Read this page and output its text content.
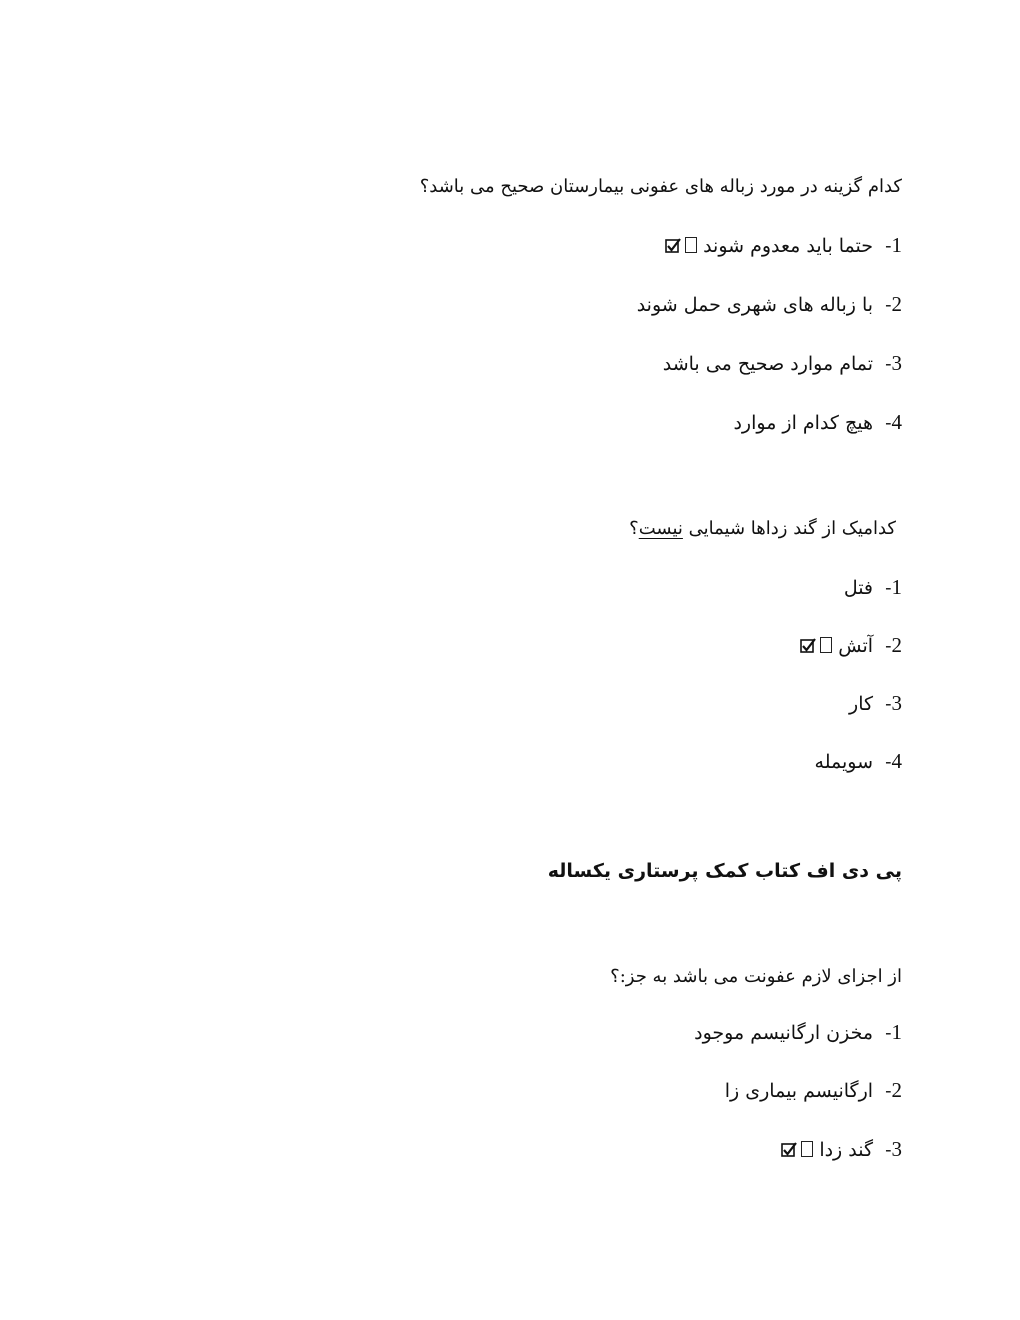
کدام گزینه در مورد زباله های عفونی بیمارستان صحیح می باشد؟
1- حتما باید معدوم شوند
2- با زباله های شهری حمل شوند
3- تمام موارد صحیح می باشد
4- هیچ کدام از موارد
کدامیک از گند زداها شیمایی نیست؟
1- فتل
2- آتش
3- کار
4- سویملە
پی دی اف کتاب کمک پرستاری یکساله
از اجزای لازم عفونت می باشد به جز:؟
1- مخزن ارگانیسم موجود
2- ارگانیسم بیماری زا
3- گند زدا
